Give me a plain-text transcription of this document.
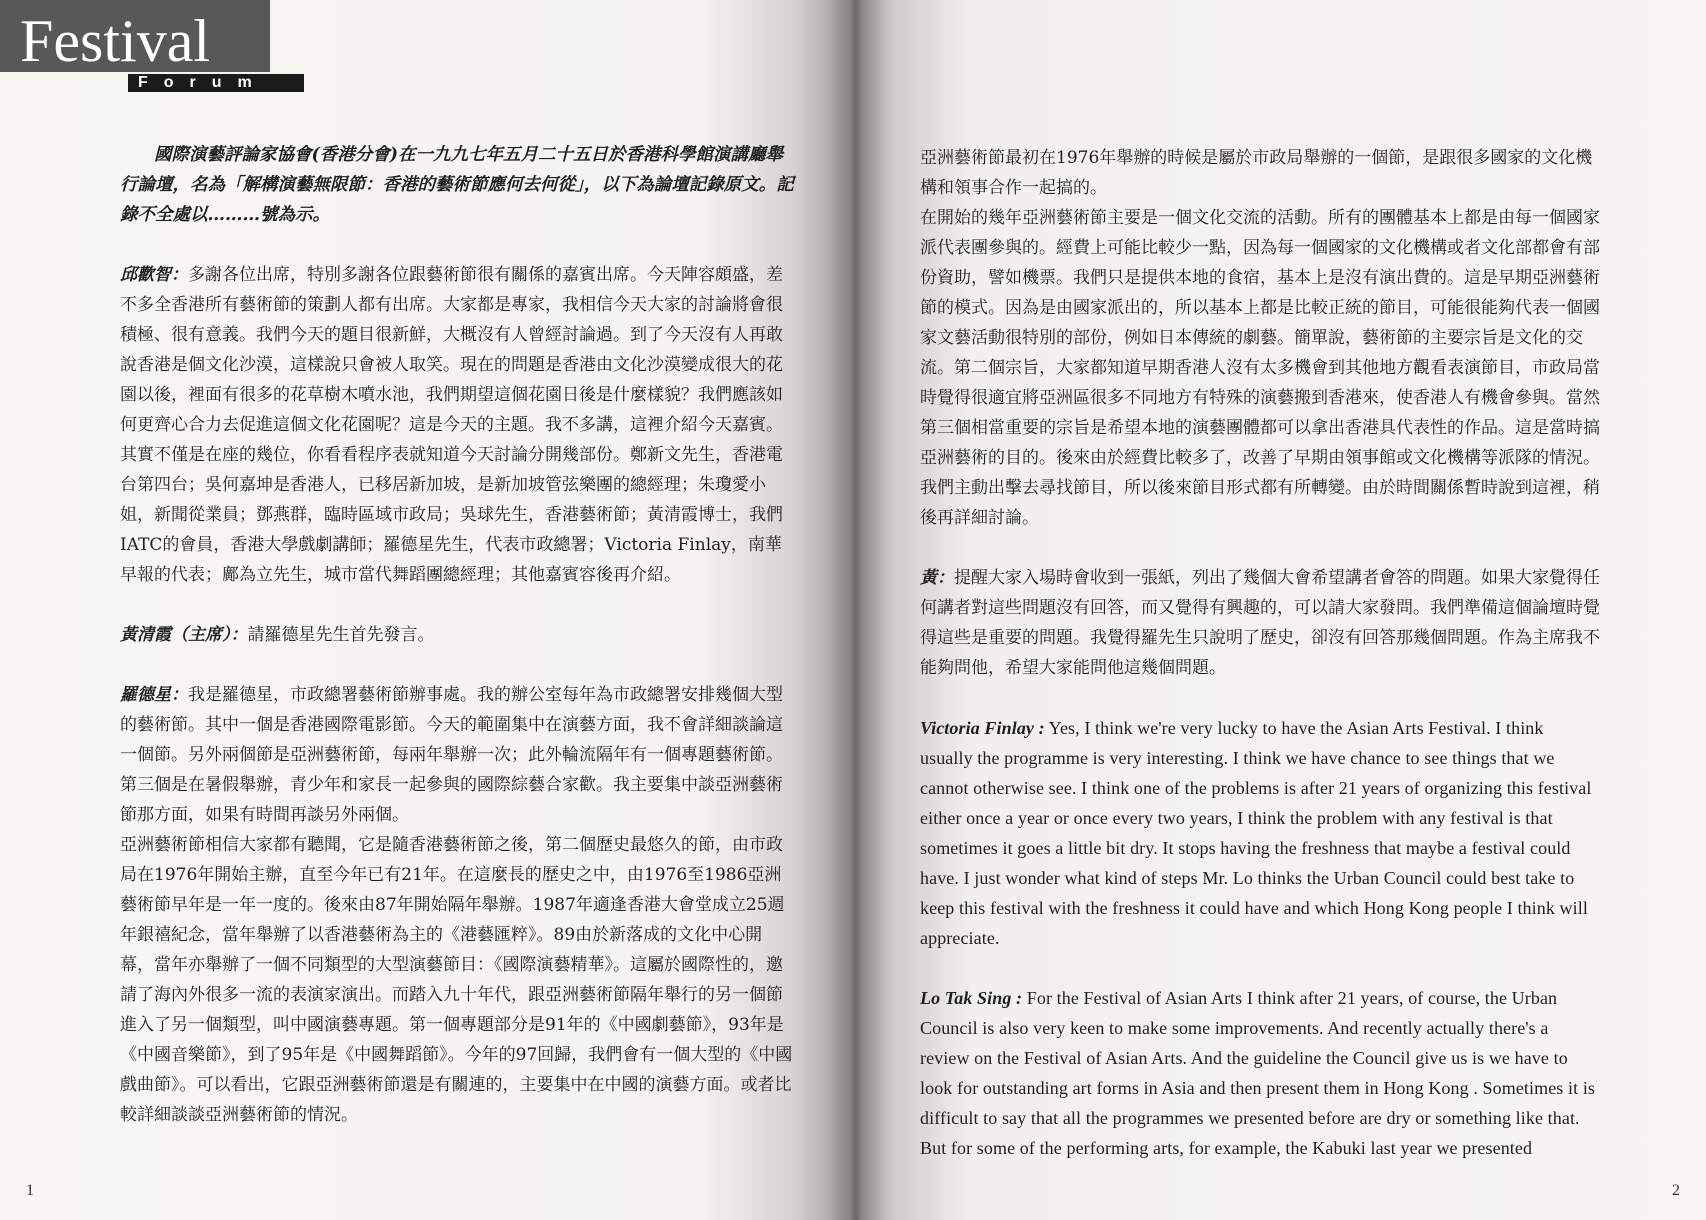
Festival
Forum

國際演藝評論家協會(香港分會)在一九九七年五月二十五日於香港科學館演講廳舉行論壇，名為「解構演藝無限節：香港的藝術節應何去何從」，以下為論壇記錄原文。記錄不全處以………號為示。

邱歡智：多謝各位出席，特別多謝各位跟藝術節很有關係的嘉賓出席。今天陣容頗盛，差不多全香港所有藝術節的策劃人都有出席。大家都是專家，我相信今天大家的討論將會很積極、很有意義。我們今天的題目很新鮮，大概沒有人曾經討論過。到了今天沒有人再敢說香港是個文化沙漠，這樣說只會被人取笑。現在的問題是香港由文化沙漠變成很大的花園以後，裡面有很多的花草樹木噴水池，我們期望這個花園日後是什麼樣貌？我們應該如何更齊心合力去促進這個文化花園呢？這是今天的主題。我不多講，這裡介紹今天嘉賓。其實不僅是在座的幾位，你看看程序表就知道今天討論分開幾部份。鄭新文先生，香港電台第四台；吳何嘉坤是香港人，已移居新加坡，是新加坡管弦樂團的總經理；朱瓊愛小姐，新聞從業員；鄧燕群，臨時區域市政局；吳球先生，香港藝術節；黃清霞博士，我們IATC的會員，香港大學戲劇講師；羅德星先生，代表市政總署；Victoria Finlay，南華早報的代表；鄺為立先生，城市當代舞蹈團總經理；其他嘉賓容後再介紹。

黃清霞（主席）：請羅德星先生首先發言。

羅德星：我是羅德星，市政總署藝術節辦事處。我的辦公室每年為市政總署安排幾個大型的藝術節。其中一個是香港國際電影節。今天的範圍集中在演藝方面，我不會詳細談論這一個節。另外兩個節是亞洲藝術節，每兩年舉辦一次；此外輪流隔年有一個專題藝術節。第三個是在暑假舉辦，青少年和家長一起參與的國際綜藝合家歡。我主要集中談亞洲藝術節那方面，如果有時間再談另外兩個。

亞洲藝術節相信大家都有聽聞，它是隨香港藝術節之後，第二個歷史最悠久的節，由市政局在1976年開始主辦，直至今年已有21年。在這麼長的歷史之中，由1976至1986亞洲藝術節早年是一年一度的。後來由87年開始隔年舉辦。1987年適逢香港大會堂成立25週年銀禧紀念，當年舉辦了以香港藝術為主的《港藝匯粹》。89由於新落成的文化中心開幕，當年亦舉辦了一個不同類型的大型演藝節目：《國際演藝精華》。這屬於國際性的，邀請了海內外很多一流的表演家演出。而踏入九十年代，跟亞洲藝術節隔年舉行的另一個節進入了另一個類型，叫中國演藝專題。第一個專題部分是91年的《中國劇藝節》，93年是《中國音樂節》，到了95年是《中國舞蹈節》。今年的97回歸，我們會有一個大型的《中國戲曲節》。可以看出，它跟亞洲藝術節還是有關連的，主要集中在中國的演藝方面。或者比較詳細談談亞洲藝術節的情況。

1

亞洲藝術節最初在1976年舉辦的時候是屬於市政局舉辦的一個節，是跟很多國家的文化機構和領事合作一起搞的。

在開始的幾年亞洲藝術節主要是一個文化交流的活動。所有的團體基本上都是由每一個國家派代表團參與的。經費上可能比較少一點，因為每一個國家的文化機構或者文化部都會有部份資助，譬如機票。我們只是提供本地的食宿，基本上是沒有演出費的。這是早期亞洲藝術節的模式。因為是由國家派出的，所以基本上都是比較正統的節目，可能很能夠代表一個國家文藝活動很特別的部份，例如日本傳統的劇藝。簡單說，藝術節的主要宗旨是文化的交流。第二個宗旨，大家都知道早期香港人沒有太多機會到其他地方觀看表演節目，市政局當時覺得很適宜將亞洲區很多不同地方有特殊的演藝搬到香港來，使香港人有機會參與。當然第三個相當重要的宗旨是希望本地的演藝團體都可以拿出香港具代表性的作品。這是當時搞亞洲藝術的目的。後來由於經費比較多了，改善了早期由領事館或文化機構等派隊的情況。我們主動出擊去尋找節目，所以後來節目形式都有所轉變。由於時間關係暫時說到這裡，稍後再詳細討論。

黃：提醒大家入場時會收到一張紙，列出了幾個大會希望講者會答的問題。如果大家覺得任何講者對這些問題沒有回答，而又覺得有興趣的，可以請大家發問。我們準備這個論壇時覺得這些是重要的問題。我覺得羅先生只說明了歷史，卻沒有回答那幾個問題。作為主席我不能夠問他，希望大家能問他這幾個問題。

Victoria Finlay : Yes, I think we're very lucky to have the Asian Arts Festival. I think usually the programme is very interesting. I think we have chance to see things that we cannot otherwise see. I think one of the problems is after 21 years of organizing this festival either once a year or once every two years, I think the problem with any festival is that sometimes it goes a little bit dry. It stops having the freshness that maybe a festival could have. I just wonder what kind of steps Mr. Lo thinks the Urban Council could best take to keep this festival with the freshness it could have and which Hong Kong people I think will appreciate.

Lo Tak Sing : For the Festival of Asian Arts I think after 21 years, of course, the Urban Council is also very keen to make some improvements. And recently actually there's a review on the Festival of Asian Arts. And the guideline the Council give us is we have to look for outstanding art forms in Asia and then present them in Hong Kong . Sometimes it is difficult to say that all the programmes we presented before are dry or something like that. But for some of the performing arts, for example, the Kabuki last year we presented

2
